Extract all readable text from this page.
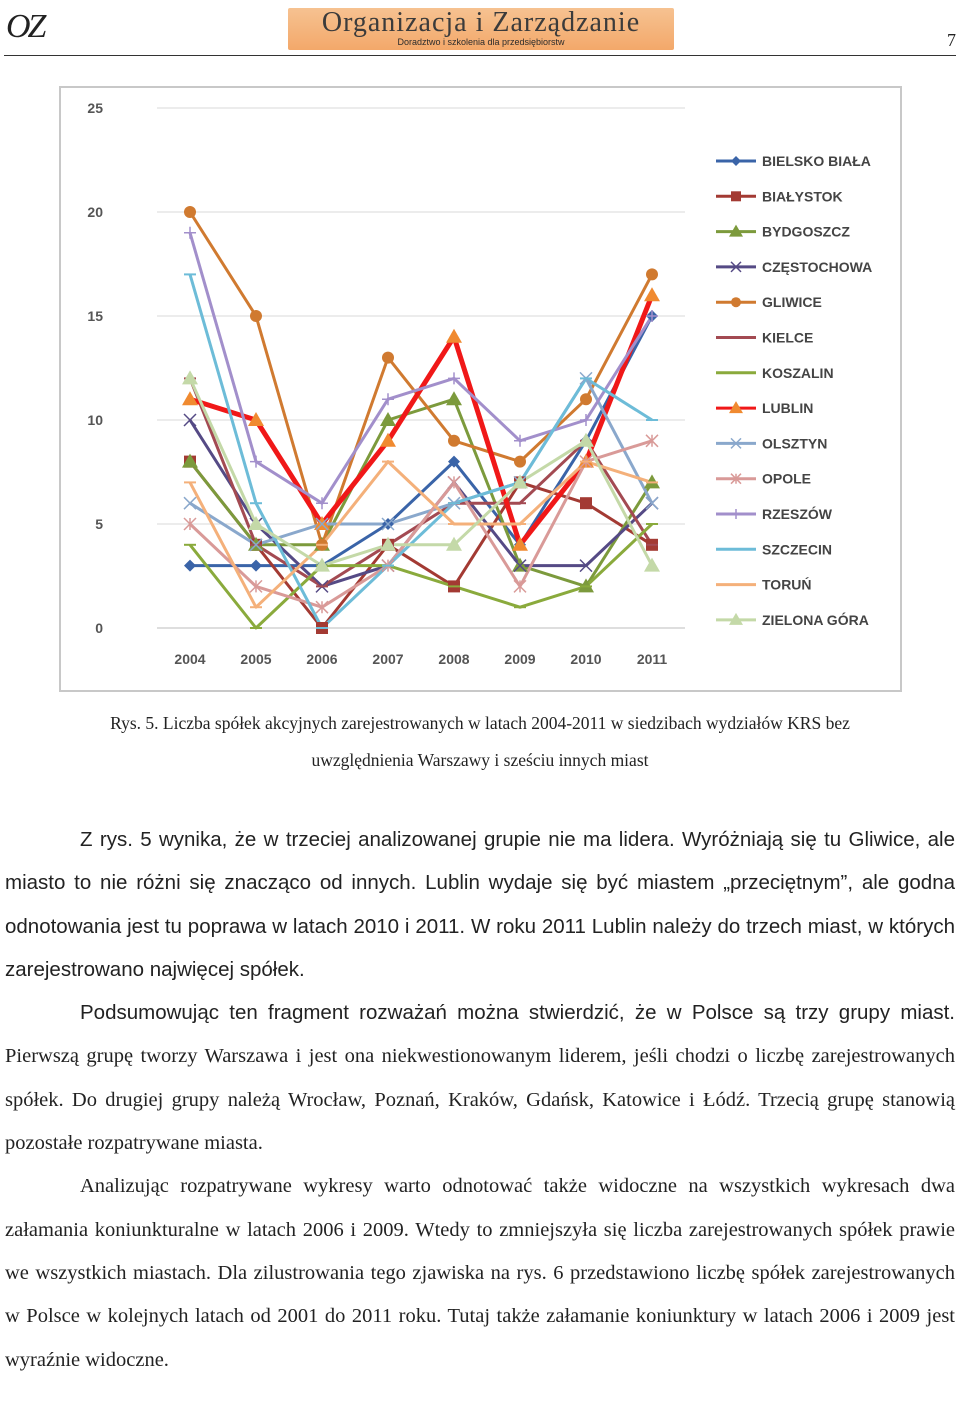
OZ	Organizacja i Zarządzanie
Doradztwo i szkolenia dla przedsiębiorstw	7
0
5
10
15
20
25
2004 2005 2006 2007 2008 2009 2010	2011
BIELSKO BIAŁA
BIAŁYSTOK
BYDGOSZCZ
CZĘSTOCHOWA
GLIWICE
KIELCE
KOSZALIN
LUBLIN
OLSZTYN
OPOLE
RZESZÓW
SZCZECIN
TORUŃ
ZIELONA GÓRA
Rys. 5. Liczba spółek akcyjnych zarejestrowanych w latach 2004-2011 w siedzibach wydziałów KRS bez
uwzględnienia Warszawy i sześciu innych miast

Z rys. 5 wynika, że w trzeciej analizowanej grupie nie ma lidera. Wyróżniają się tu Gliwice, ale miasto to nie różni się znacząco od innych. Lublin wydaje się być miastem „przeciętnym”, ale godna odnotowania jest tu poprawa w latach 2010 i 2011. W roku 2011 Lublin należy do trzech miast, w których zarejestrowano najwięcej spółek.

Podsumowując ten fragment rozważań można stwierdzić, że w Polsce są trzy grupy miast. Pierwszą grupę tworzy Warszawa i jest ona niekwestionowanym liderem, jeśli chodzi o liczbę zarejestrowanych spółek. Do drugiej grupy należą Wrocław, Poznań, Kraków, Gdańsk, Katowice i Łódź. Trzecią grupę stanowią pozostałe rozpatrywane miasta.

Analizując rozpatrywane wykresy warto odnotować także widoczne na wszystkich wykresach dwa załamania koniunkturalne w latach 2006 i 2009. Wtedy to zmniejszyła się liczba zarejestrowanych spółek prawie we wszystkich miastach. Dla zilustrowania tego zjawiska na rys. 6 przedstawiono liczbę spółek zarejestrowanych w Polsce w kolejnych latach od 2001 do 2011 roku. Tutaj także załamanie koniunktury w latach 2006 i 2009 jest wyraźnie widoczne.
